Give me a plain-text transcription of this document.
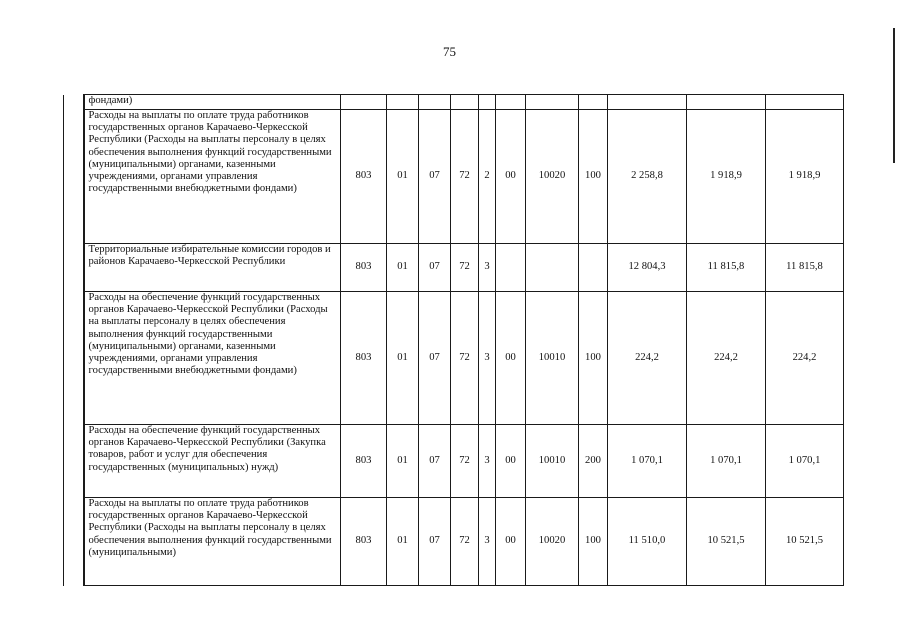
75
	фондами)											
	Расходы на выплаты по оплате труда работников государственных органов Карачаево-Черкесской Республики (Расходы на выплаты персоналу в целях обеспечения выполнения функций государственными (муниципальными) органами, казенными учреждениями, органами управления государственными внебюджетными фондами)	803	01	07	72	2	00	10020	100	2 258,8	1 918,9	1 918,9
	Территориальные избирательные комиссии городов и районов Карачаево-Черкесской Республики	803	01	07	72	3				12 804,3	11 815,8	11 815,8
	Расходы на обеспечение функций государственных органов Карачаево-Черкесской Республики (Расходы на выплаты персоналу в целях обеспечения выполнения функций государственными (муниципальными) органами, казенными учреждениями, органами управления государственными внебюджетными фондами)	803	01	07	72	3	00	10010	100	224,2	224,2	224,2
	Расходы на обеспечение функций государственных органов Карачаево-Черкесской Республики (Закупка товаров, работ и услуг для обеспечения государственных (муниципальных) нужд)	803	01	07	72	3	00	10010	200	1 070,1	1 070,1	1 070,1
	Расходы на выплаты по оплате труда работников государственных органов Карачаево-Черкесской Республики (Расходы на выплаты персоналу в целях обеспечения выполнения функций государственными (муниципальными)	803	01	07	72	3	00	10020	100	11 510,0	10 521,5	10 521,5
